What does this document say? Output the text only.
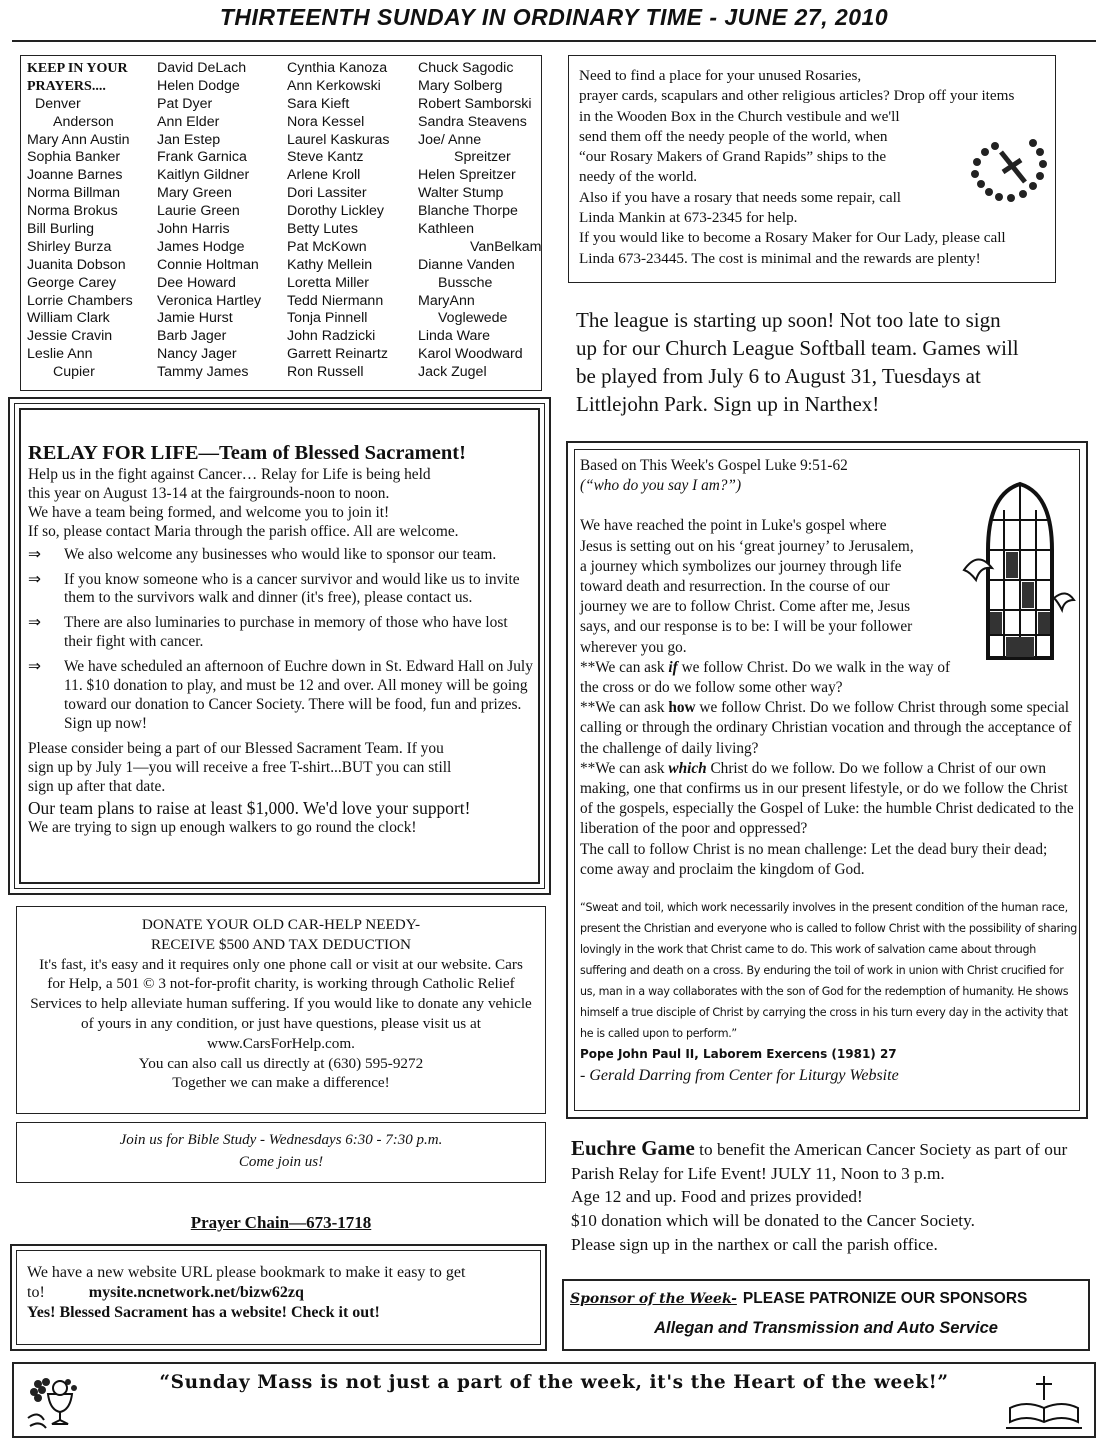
THIRTEENTH SUNDAY IN ORDINARY TIME - JUNE 27, 2010
KEEP IN YOUR
PRAYERS....
Denver
Anderson
Mary Ann Austin
Sophia Banker
Joanne Barnes
Norma Billman
Norma Brokus
Bill Burling
Shirley Burza
Juanita Dobson
George Carey
Lorrie Chambers
William Clark
Jessie Cravin
Leslie Ann
Cupier
David DeLach
Helen Dodge
Pat Dyer
Ann Elder
Jan Estep
Frank Garnica
Kaitlyn Gildner
Mary Green
Laurie Green
John Harris
James Hodge
Connie Holtman
Dee Howard
Veronica Hartley
Jamie Hurst
Barb Jager
Nancy Jager
Tammy James
Cynthia Kanoza
Ann Kerkowski
Sara Kieft
Nora Kessel
Laurel Kaskuras
Steve Kantz
Arlene Kroll
Dori Lassiter
Dorothy Lickley
Betty Lutes
Pat McKown
Kathy Mellein
Loretta Miller
Tedd Niermann
Tonja Pinnell
John Radzicki
Garrett Reinartz
Ron Russell
Chuck Sagodic
Mary Solberg
Robert Samborski
Sandra Steavens
Joe/ Anne
Spreitzer
Helen Spreitzer
Walter Stump
Blanche Thorpe
Kathleen
VanBelkam
Dianne Vanden
Bussche
MaryAnn
Voglewede
Linda Ware
Karol Woodward
Jack Zugel
Need to find a place for your unused Rosaries,
prayer cards, scapulars and other religious articles? Drop off your items
in the Wooden Box in the Church vestibule and we'll
send them off the needy people of the world, when
“our Rosary Makers of Grand Rapids” ships to the
needy of the world.
Also if you have a rosary that needs some repair, call
Linda Mankin at 673-2345 for help.
If you would like to become a Rosary Maker for Our Lady, please call
Linda 673-23445. The cost is minimal and the rewards are plenty!
The league is starting up soon! Not too late to sign
up for our Church League Softball team. Games will
be played from July 6 to August 31, Tuesdays at
Littlejohn Park. Sign up in Narthex!
RELAY FOR LIFE—Team of Blessed Sacrament!
Help us in the fight against Cancer… Relay for Life is being held
this year on August 13-14 at the fairgrounds-noon to noon.
We have a team being formed, and welcome you to join it!
If so, please contact Maria through the parish office. All are welcome.
⇒ We also welcome any businesses who would like to sponsor our team.
⇒ If you know someone who is a cancer survivor and would like us to invite them to the survivors walk and dinner (it's free), please contact us.
⇒ There are also luminaries to purchase in memory of those who have lost their fight with cancer.
⇒ We have scheduled an afternoon of Euchre down in St. Edward Hall on July 11. $10 donation to play, and must be 12 and over. All money will be going toward our donation to Cancer Society. There will be food, fun and prizes. Sign up now!
Please consider being a part of our Blessed Sacrament Team. If you
sign up by July 1—you will receive a free T-shirt...BUT you can still
sign up after that date.
Our team plans to raise at least $1,000. We'd love your support!
We are trying to sign up enough walkers to go round the clock!
Based on This Week's Gospel Luke 9:51-62
(“who do you say I am?”)
We have reached the point in Luke's gospel where
Jesus is setting out on his ‘great journey’ to Jerusalem,
a journey which symbolizes our journey through life
toward death and resurrection. In the course of our
journey we are to follow Christ. Come after me, Jesus
says, and our response is to be: I will be your follower
wherever you go.
**We can ask if we follow Christ. Do we walk in the way of the cross or do we follow some other way?
**We can ask how we follow Christ. Do we follow Christ through some special calling or through the ordinary Christian vocation and through the acceptance of the challenge of daily living?
**We can ask which Christ do we follow. Do we follow a Christ of our own making, one that confirms us in our present lifestyle, or do we follow the Christ of the gospels, especially the Gospel of Luke: the humble Christ dedicated to the liberation of the poor and oppressed?
The call to follow Christ is no mean challenge: Let the dead bury their dead; come away and proclaim the kingdom of God.
“Sweat and toil, which work necessarily involves in the present condition of the human race, present the Christian and everyone who is called to follow Christ with the possibility of sharing lovingly in the work that Christ came to do. This work of salvation came about through suffering and death on a cross. By enduring the toil of work in union with Christ crucified for us, man in a way collaborates with the son of God for the redemption of humanity. He shows himself a true disciple of Christ by carrying the cross in his turn every day in the activity that he is called upon to perform.”
Pope John Paul II, Laborem Exercens (1981) 27
- Gerald Darring from Center for Liturgy Website
DONATE YOUR OLD CAR-HELP NEEDY-
RECEIVE $500 AND TAX DEDUCTION
It's fast, it's easy and it requires only one phone call or visit at our website. Cars for Help, a 501 © 3 not-for-profit charity, is working through Catholic Relief Services to help alleviate human suffering. If you would like to donate any vehicle of yours in any condition, or just have questions, please visit us at www.CarsForHelp.com.
You can also call us directly at (630) 595-9272
Together we can make a difference!
Join us for Bible Study - Wednesdays 6:30 - 7:30 p.m.
Come join us!
Prayer Chain—673-1718
We have a new website URL please bookmark to make it easy to get
to!	mysite.ncnetwork.net/bizw62zq
Yes! Blessed Sacrament has a website! Check it out!
Euchre Game to benefit the American Cancer Society as part of our Parish Relay for Life Event! JULY 11, Noon to 3 p.m.
Age 12 and up. Food and prizes provided!
$10 donation which will be donated to the Cancer Society.
Please sign up in the narthex or call the parish office.
Sponsor of the Week- PLEASE PATRONIZE OUR SPONSORS
Allegan and Transmission and Auto Service
“Sunday Mass is not just a part of the week, it's the Heart of the week!”
